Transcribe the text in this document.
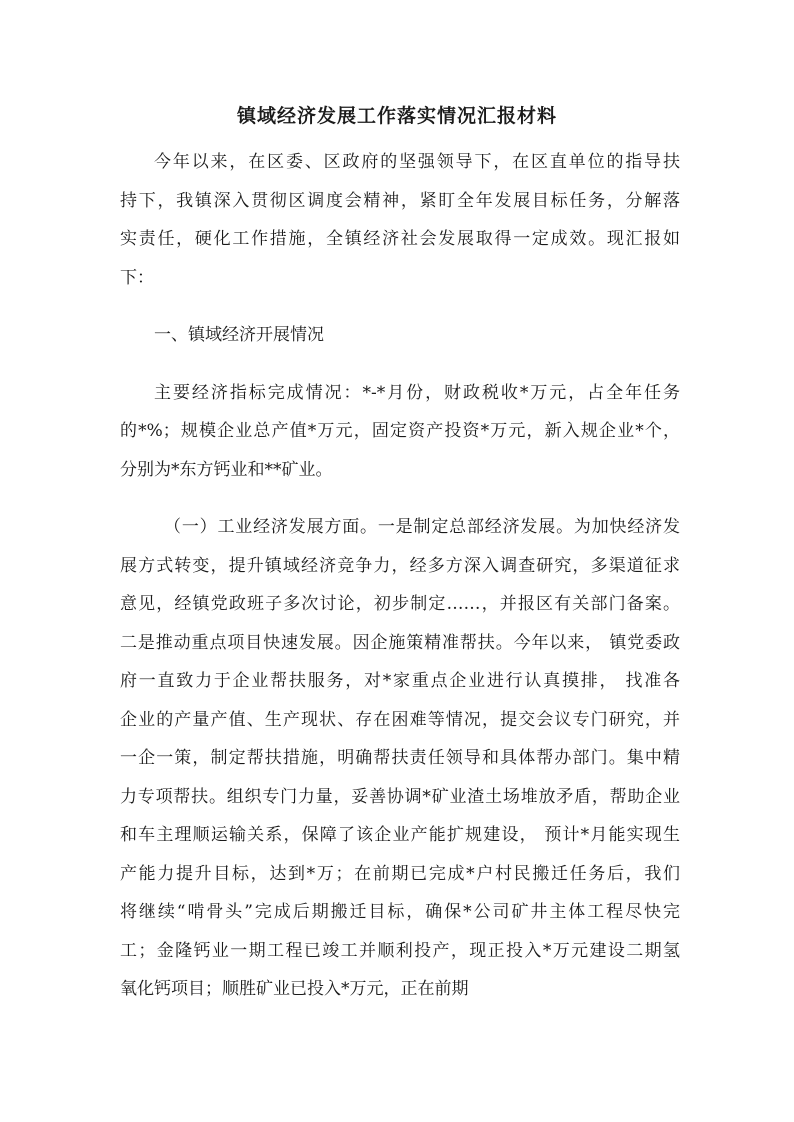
镇域经济发展工作落实情况汇报材料
今年以来，在区委、区政府的坚强领导下，在区直单位的指导扶
持下，我镇深入贯彻区调度会精神，紧盯全年发展目标任务，分解落
实责任，硬化工作措施，全镇经济社会发展取得一定成效。现汇报如
下：
一、镇域经济开展情况
主要经济指标完成情况：*-*月份，财政税收*万元，占全年任务
的*%；规模企业总产值*万元，固定资产投资*万元，新入规企业*个，
分别为*东方钙业和**矿业。
（一）工业经济发展方面。一是制定总部经济发展。为加快经济发
展方式转变，提升镇域经济竞争力，经多方深入调查研究，多渠道征求
意见，经镇党政班子多次讨论，初步制定……，并报区有关部门备案。
二是推动重点项目快速发展。因企施策精准帮扶。今年以来， 镇党委政
府一直致力于企业帮扶服务，对*家重点企业进行认真摸排， 找准各
企业的产量产值、生产现状、存在困难等情况，提交会议专门研究，并
一企一策，制定帮扶措施，明确帮扶责任领导和具体帮办部门。集中精
力专项帮扶。组织专门力量，妥善协调*矿业渣土场堆放矛盾，帮助企业
和车主理顺运输关系，保障了该企业产能扩规建设， 预计*月能实现生
产能力提升目标，达到*万；在前期已完成*户村民搬迁任务后，我们
将继续“啃骨头”完成后期搬迁目标，确保*公司矿井主体工程尽快完
工；金隆钙业一期工程已竣工并顺利投产，现正投入*万元建设二期氢
氧化钙项目；顺胜矿业已投入*万元，正在前期
